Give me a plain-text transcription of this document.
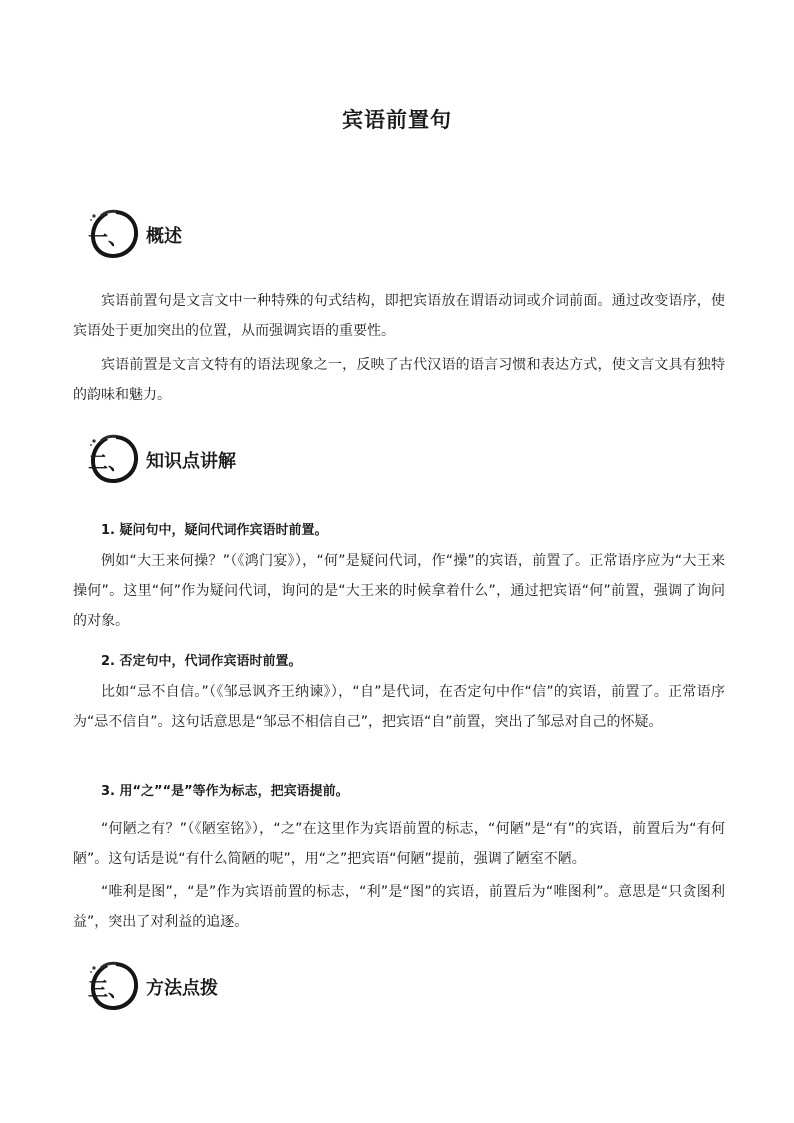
宾语前置句
一、 概述

宾语前置句是文言文中一种特殊的句式结构，即把宾语放在谓语动词或介词前面。通过改变语序，使宾语处于更加突出的位置，从而强调宾语的重要性。

宾语前置是文言文特有的语法现象之一，反映了古代汉语的语言习惯和表达方式，使文言文具有独特的韵味和魅力。

二、 知识点讲解
1. 疑问句中，疑问代词作宾语时前置。

例如“大王来何操？”（《鸿门宴》），“何”是疑问代词，作“操”的宾语，前置了。正常语序应为“大王来操何”。这里“何”作为疑问代词，询问的是“大王来的时候拿着什么”，通过把宾语“何”前置，强调了询问的对象。

2. 否定句中，代词作宾语时前置。

比如“忌不自信。”（《邹忌讽齐王纳谏》），“自”是代词，在否定句中作“信”的宾语，前置了。正常语序为“忌不信自”。这句话意思是“邹忌不相信自己”，把宾语“自”前置，突出了邹忌对自己的怀疑。

3. 用“之”“是”等作为标志，把宾语提前。

“何陋之有？”（《陋室铭》），“之”在这里作为宾语前置的标志，“何陋”是“有”的宾语，前置后为“有何陋”。这句话是说“有什么简陋的呢”，用“之”把宾语“何陋”提前，强调了陋室不陋。

“唯利是图”，“是”作为宾语前置的标志，“利”是“图”的宾语，前置后为“唯图利”。意思是“只贪图利益”，突出了对利益的追逐。

三、 方法点拨
